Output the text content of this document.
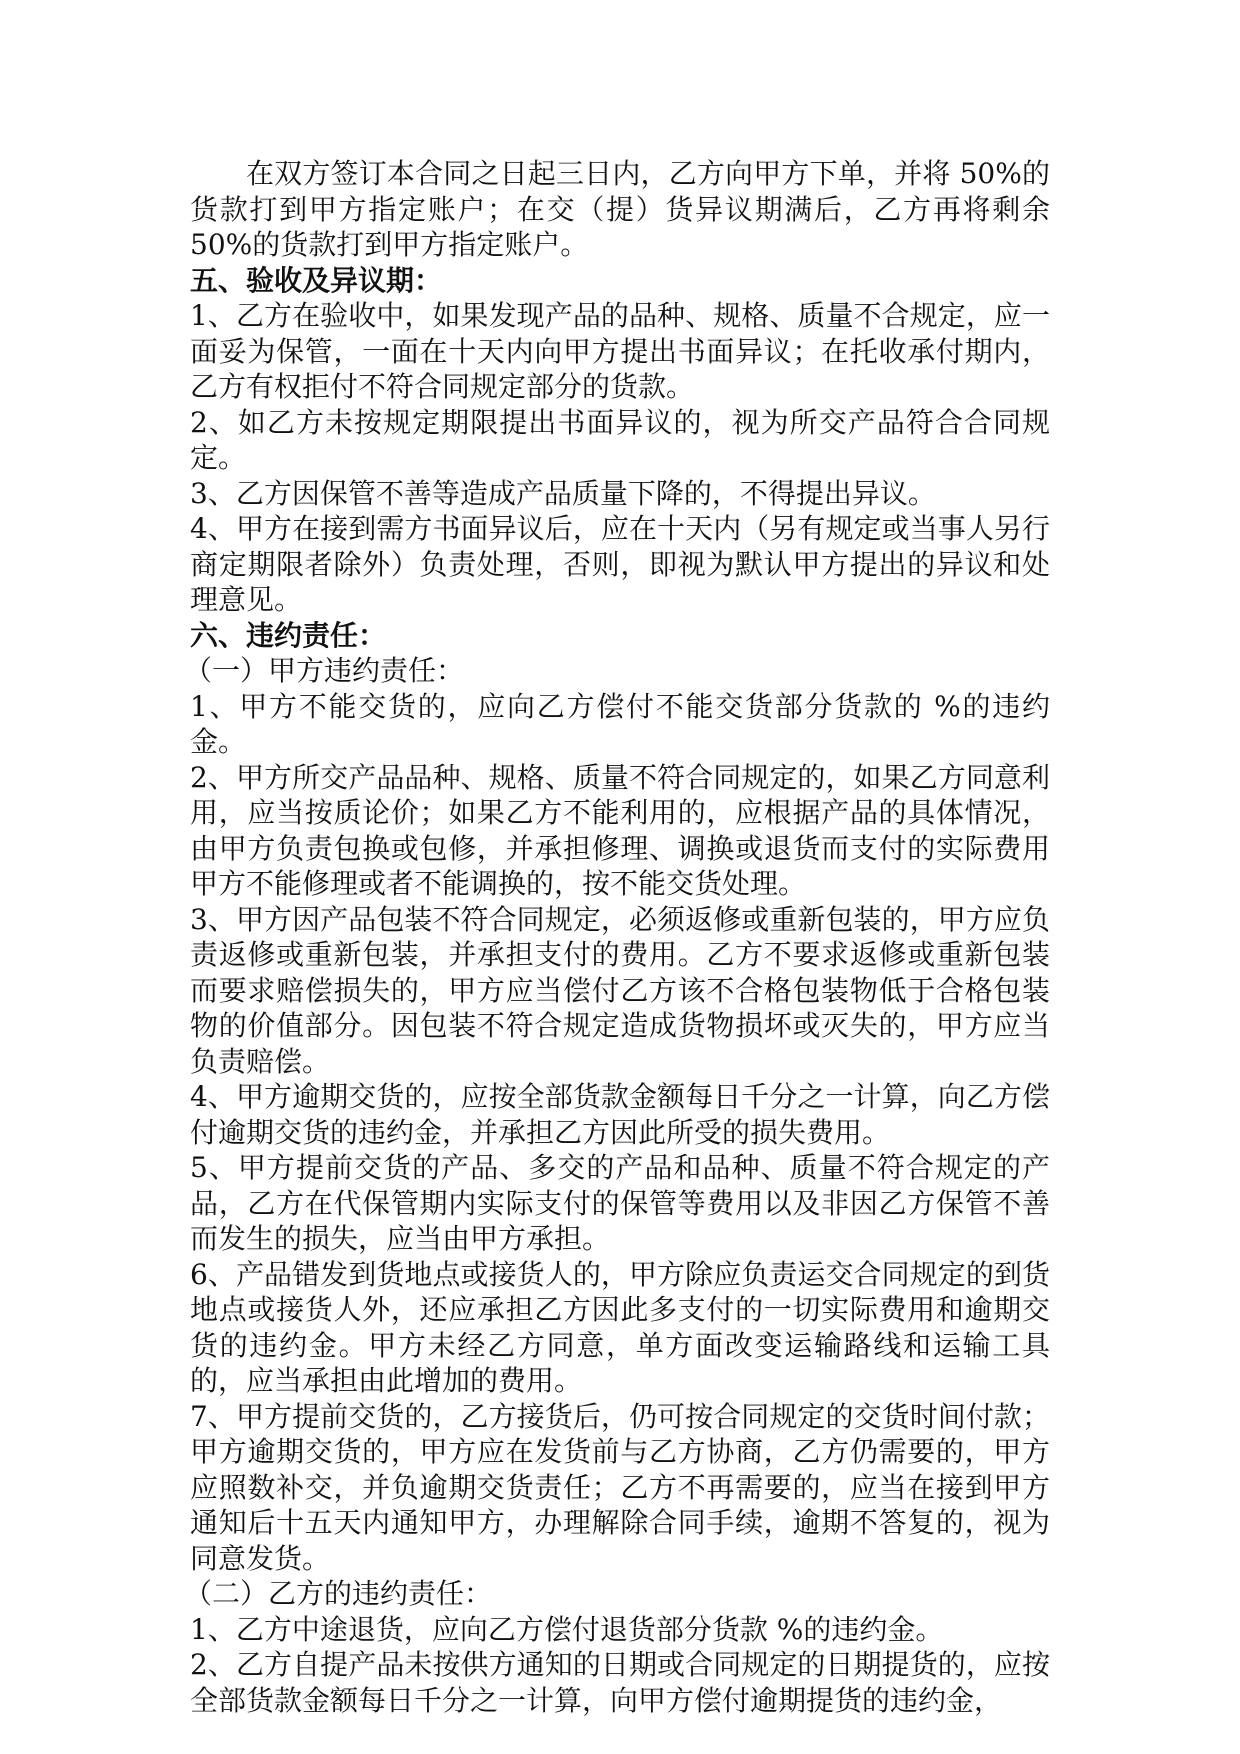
在双方签订本合同之日起三日内，乙方向甲方下单，并将 50%的货款打到甲方指定账户；在交（提）货异议期满后，乙方再将剩余 50%的货款打到甲方指定账户。

五、验收及异议期：

1、乙方在验收中，如果发现产品的品种、规格、质量不合规定，应一面妥为保管，一面在十天内向甲方提出书面异议；在托收承付期内，乙方有权拒付不符合同规定部分的货款。

2、如乙方未按规定期限提出书面异议的，视为所交产品符合合同规定。

3、乙方因保管不善等造成产品质量下降的，不得提出异议。

4、甲方在接到需方书面异议后，应在十天内（另有规定或当事人另行商定期限者除外）负责处理，否则，即视为默认甲方提出的异议和处理意见。

六、违约责任：

（一）甲方违约责任：

1、甲方不能交货的，应向乙方偿付不能交货部分货款的 %的违约金。

2、甲方所交产品品种、规格、质量不符合同规定的，如果乙方同意利用，应当按质论价；如果乙方不能利用的，应根据产品的具体情况，由甲方负责包换或包修，并承担修理、调换或退货而支付的实际费用甲方不能修理或者不能调换的，按不能交货处理。

3、甲方因产品包装不符合同规定，必须返修或重新包装的，甲方应负责返修或重新包装，并承担支付的费用。乙方不要求返修或重新包装而要求赔偿损失的，甲方应当偿付乙方该不合格包装物低于合格包装物的价值部分。因包装不符合规定造成货物损坏或灭失的，甲方应当负责赔偿。

4、甲方逾期交货的，应按全部货款金额每日千分之一计算，向乙方偿付逾期交货的违约金，并承担乙方因此所受的损失费用。

5、甲方提前交货的产品、多交的产品和品种、质量不符合规定的产品，乙方在代保管期内实际支付的保管等费用以及非因乙方保管不善而发生的损失，应当由甲方承担。

6、产品错发到货地点或接货人的，甲方除应负责运交合同规定的到货地点或接货人外，还应承担乙方因此多支付的一切实际费用和逾期交货的违约金。甲方未经乙方同意，单方面改变运输路线和运输工具的，应当承担由此增加的费用。

7、甲方提前交货的，乙方接货后，仍可按合同规定的交货时间付款；甲方逾期交货的，甲方应在发货前与乙方协商，乙方仍需要的，甲方应照数补交，并负逾期交货责任；乙方不再需要的，应当在接到甲方通知后十五天内通知甲方，办理解除合同手续，逾期不答复的，视为同意发货。

（二）乙方的违约责任：

1、乙方中途退货，应向乙方偿付退货部分货款 %的违约金。

2、乙方自提产品未按供方通知的日期或合同规定的日期提货的，应按全部货款金额每日千分之一计算，向甲方偿付逾期提货的违约金，
